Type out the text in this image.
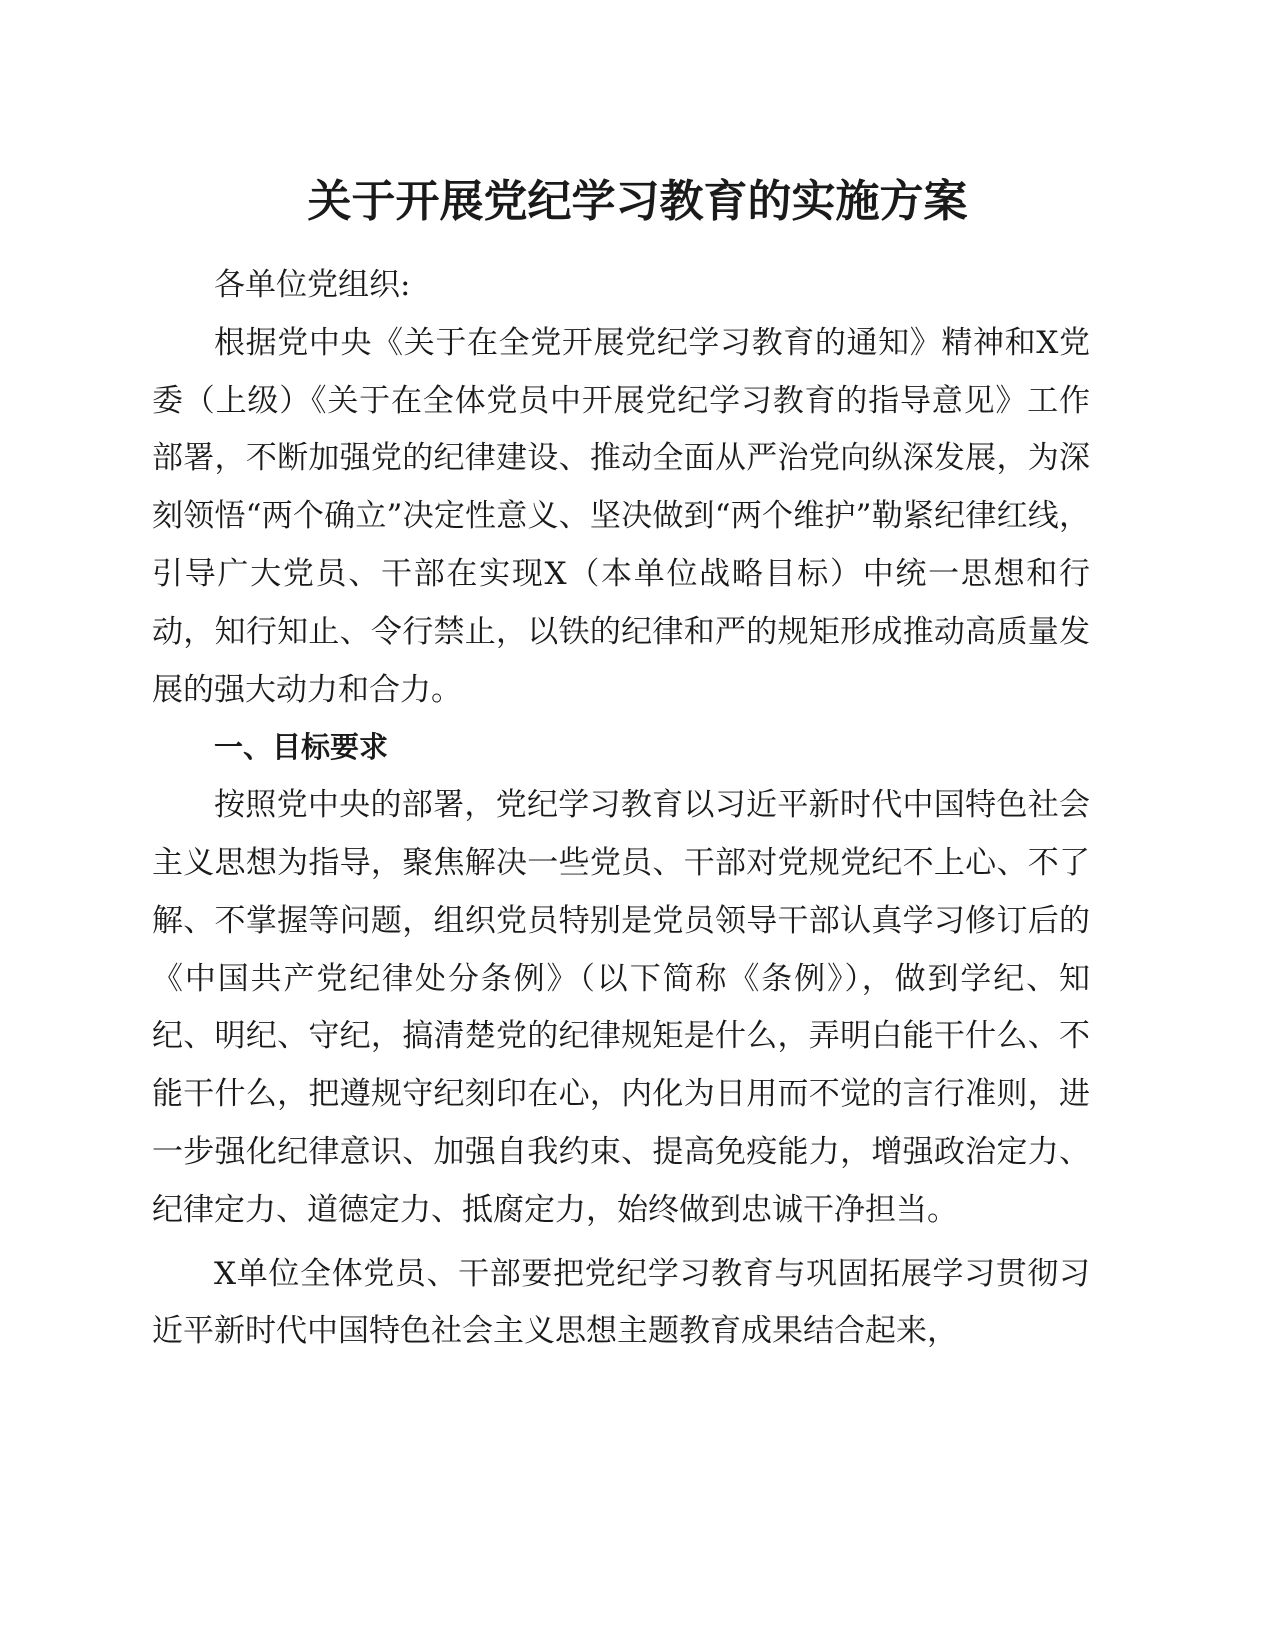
关于开展党纪学习教育的实施方案

各单位党组织:

根据党中央《关于在全党开展党纪学习教育的通知》精神和X党委（上级）《关于在全体党员中开展党纪学习教育的指导意见》工作部署，不断加强党的纪律建设、推动全面从严治党向纵深发展，为深刻领悟“两个确立”决定性意义、坚决做到“两个维护”勒紧纪律红线，引导广大党员、干部在实现X（本单位战略目标）中统一思想和行动，知行知止、令行禁止，以铁的纪律和严的规矩形成推动高质量发展的强大动力和合力。

一、目标要求

按照党中央的部署，党纪学习教育以习近平新时代中国特色社会主义思想为指导，聚焦解决一些党员、干部对党规党纪不上心、不了解、不掌握等问题，组织党员特别是党员领导干部认真学习修订后的《中国共产党纪律处分条例》（以下简称《条例》），做到学纪、知纪、明纪、守纪，搞清楚党的纪律规矩是什么，弄明白能干什么、不能干什么，把遵规守纪刻印在心，内化为日用而不觉的言行准则，进一步强化纪律意识、加强自我约束、提高免疫能力，增强政治定力、纪律定力、道德定力、抵腐定力，始终做到忠诚干净担当。

X单位全体党员、干部要把党纪学习教育与巩固拓展学习贯彻习近平新时代中国特色社会主义思想主题教育成果结合起来，
